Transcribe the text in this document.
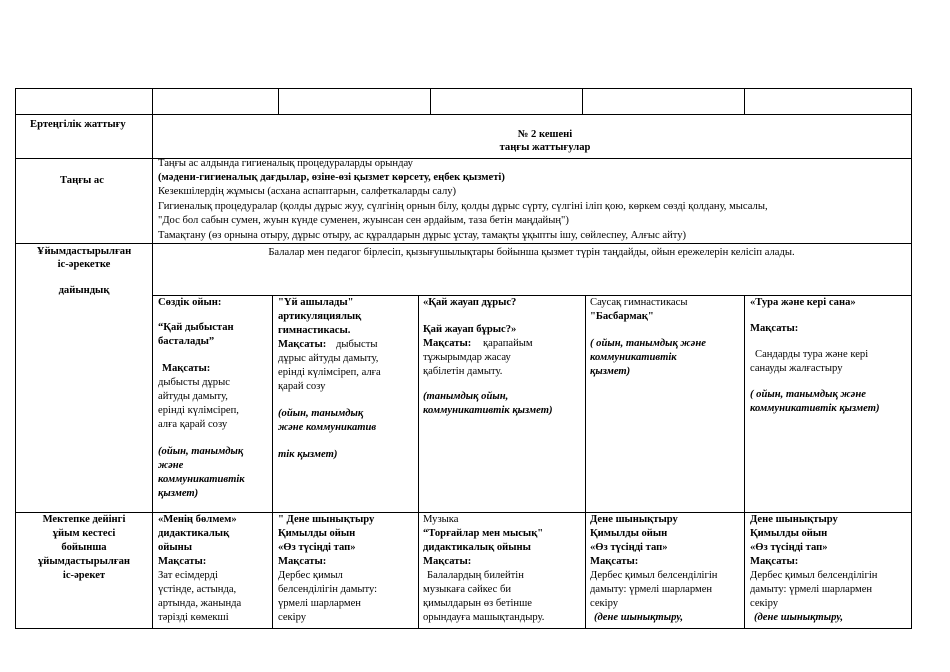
Ертеңгілік жаттығу
№ 2 кешені
таңғы жаттығулар
Таңғы ас
Таңғы ас алдында гигиеналық процедураларды орындау
(мәдени-гигиеналық дағдылар, өзіне-өзі қызмет көрсету, еңбек қызметі)
Кезекшілердің жұмысы (асхана аспаптарын, салфеткаларды салу)
Гигиеналық процедуралар (қолды дұрыс жуу, сүлгінің орнын білу, қолды дұрыс сүрту, сүлгіні іліп қою, көркем сөзді қолдану, мысалы,
"Дос бол сабын сумен, жуын күнде суменен, жуынсан сен әрдайым, таза бетін маңдайың")
Тамақтану (өз орнына отыру, дұрыс отыру, ас құралдарын дұрыс ұстау, тамақты ұқыпты ішу, сөйлеспеу, Алғыс айту)
Ұйымдастырылған
іс-әрекетке
дайындық
Балалар мен педагог бірлесіп, қызығушылықтары бойынша қызмет түрін таңдайды, ойын ережелерін келісіп алады.
Сөздік ойын:
“Қай дыбыстан
басталады”
Мақсаты:
дыбысты дұрыс
айтуды дамыту,
ерінді күлімсіреп,
алға қарай созу
(ойын, танымдық
және
коммуникативтік
қызмет)
"Үй ашылады"
артикуляциялық
гимнастикасы.
Мақсаты: дыбысты
дұрыс айтуды дамыту,
ерінді күлімсіреп, алға
қарай созу
(ойын, танымдық
және коммуникатив
тік қызмет)
«Қай жауап дұрыс?
Қай жауап бұрыс?»
Мақсаты: қарапайым
тұжырымдар жасау
қабілетін дамыту.
(танымдық ойын,
коммуникативтік қызмет)
Саусақ гимнастикасы
"Басбармақ"
( ойын, танымдық және
коммуникативтік
қызмет)
«Тура және кері сана»
Мақсаты:
Сандарды тура және кері
санауды жалғастыру
( ойын, танымдық және
коммуникативтік қызмет)
Мектепке дейінгі
ұйым кестесі
бойынша
ұйымдастырылған
іс-әрекет
«Менің бөлмем»
дидактикалық
ойыны
Мақсаты:
Зат есімдерді
үстінде, астында,
артында, жанында
тәрізді көмекші
" Дене шынықтыру
Қимылды ойын
«Өз түсіңді тап»
Мақсаты:
Дербес қимыл
белсенділігін дамыту:
үрмелі шарлармен
секіру
Музыка
“Торғайлар мен мысық"
дидактикалық ойыны
Мақсаты:
Балалардың билейтін
музыкаға сәйкес би
қимылдарын өз бетінше
орындауға машықтандыру.
Дене шынықтыру
Қимылды ойын
«Өз түсіңді тап»
Мақсаты:
Дербес қимыл белсенділігін
дамыту: үрмелі шарлармен
секіру
(дене шынықтыру,
Дене шынықтыру
Қимылды ойын
«Өз түсіңді тап»
Мақсаты:
Дербес қимыл белсенділігін
дамыту: үрмелі шарлармен
секіру
(дене шынықтыру,
